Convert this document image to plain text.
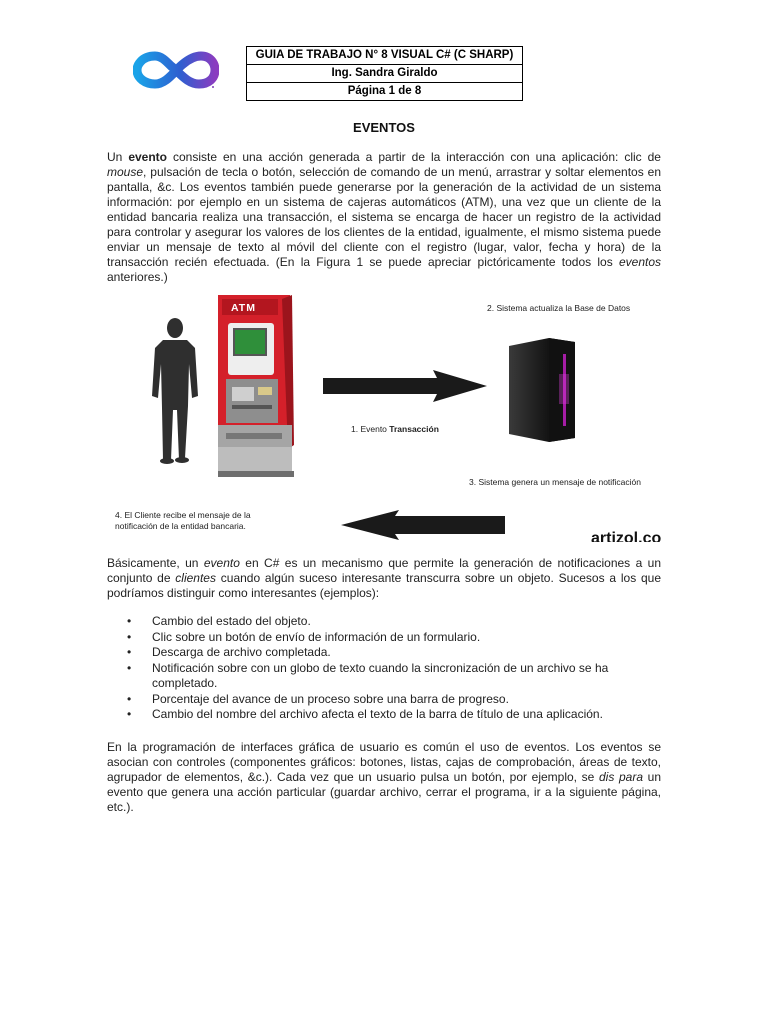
GUIA DE TRABAJO N° 8 VISUAL C# (C SHARP)
Ing. Sandra Giraldo
Página 1 de 8
EVENTOS

Un evento consiste en una acción generada a partir de la interacción con una aplicación: clic de mouse, pulsación de tecla o botón, selección de comando de un menú, arrastrar y soltar elementos en pantalla, &c. Los eventos también puede generarse por la generación de la actividad de un sistema información: por ejemplo en un sistema de cajeras automáticos (ATM), una vez que un cliente de la entidad bancaria realiza una transacción, el sistema se encarga de hacer un registro de la actividad para controlar y asegurar los valores de los clientes de la entidad, igualmente, el mismo sistema puede enviar un mensaje de texto al móvil del cliente con el registro (lugar, valor, fecha y hora) de la transacción recién efectuada. (En la Figura 1 se puede apreciar pictóricamente todos los eventos anteriores.)

ATM
1. Evento Transacción
2. Sistema actualiza la Base de Datos
3. Sistema genera un mensaje de notificación
4. El Cliente recibe el mensaje de la
notificación de la entidad bancaria.
artizol.co

Básicamente, un evento en C# es un mecanismo que permite la generación de notificaciones a un conjunto de clientes cuando algún suceso interesante transcurra sobre un objeto. Sucesos a los que podríamos distinguir como interesantes (ejemplos):

• Cambio del estado del objeto.
• Clic sobre un botón de envío de información de un formulario.
• Descarga de archivo completada.
• Notificación sobre con un globo de texto cuando la sincronización de un archivo se ha completado.
• Porcentaje del avance de un proceso sobre una barra de progreso.
• Cambio del nombre del archivo afecta el texto de la barra de título de una aplicación.

En la programación de interfaces gráfica de usuario es común el uso de eventos. Los eventos se asocian con controles (componentes gráficos: botones, listas, cajas de comprobación, áreas de texto, agrupador de elementos, &c.). Cada vez que un usuario pulsa un botón, por ejemplo, se dis para un evento que genera una acción particular (guardar archivo, cerrar el programa, ir a la siguiente página, etc.).
